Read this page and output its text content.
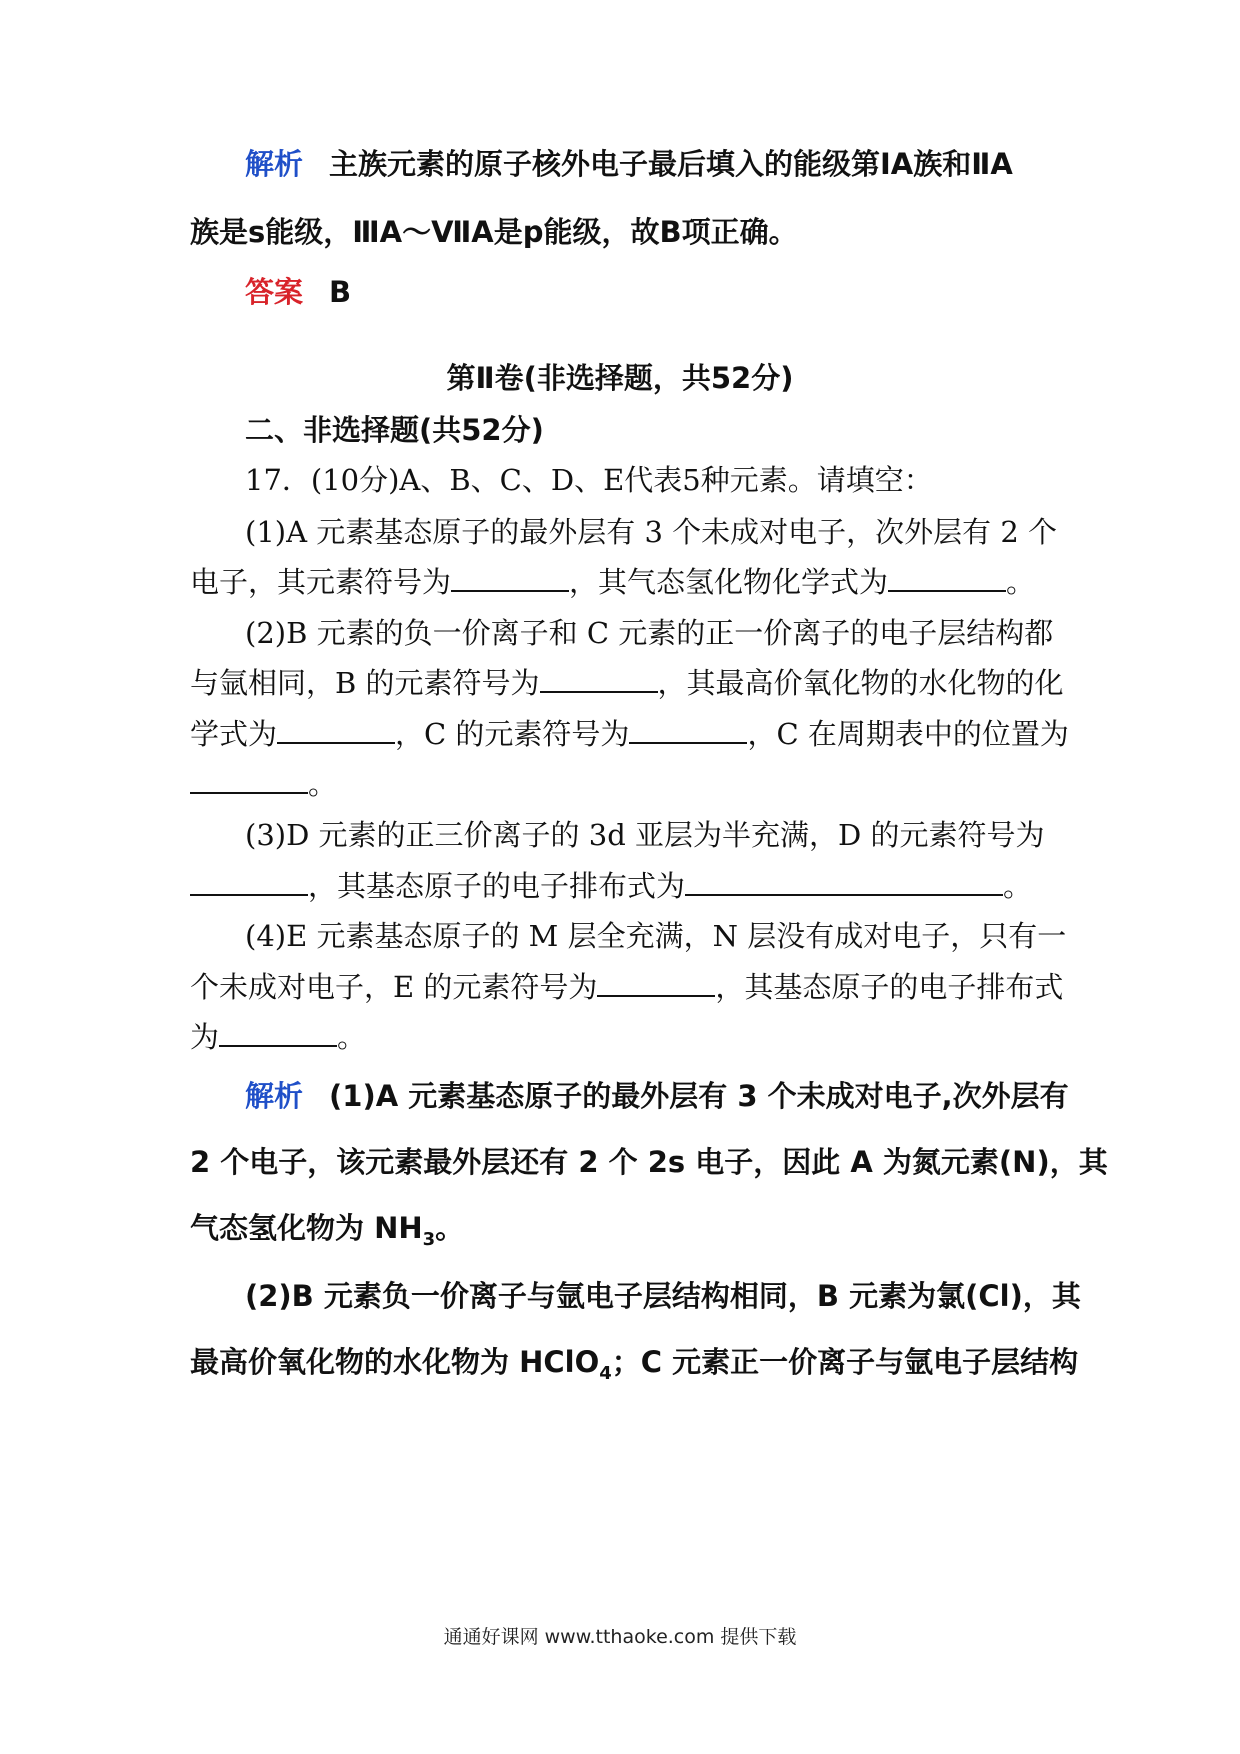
解析 主族元素的原子核外电子最后填入的能级第ⅠA族和ⅡA
族是s能级，ⅢA～ⅦA是p能级，故B项正确。
答案 B
第Ⅱ卷(非选择题，共52分)
二、非选择题(共52分)
17．(10分)A、B、C、D、E代表5种元素。请填空：
(1)A 元素基态原子的最外层有 3 个未成对电子，次外层有 2 个
电子，其元素符号为	，其气态氢化物化学式为	。
(2)B 元素的负一价离子和 C 元素的正一价离子的电子层结构都
与氩相同，B 的元素符号为	，其最高价氧化物的水化物的化
学式为	，C 的元素符号为	，C 在周期表中的位置为
。
(3)D 元素的正三价离子的 3d 亚层为半充满，D 的元素符号为
，其基态原子的电子排布式为	。
(4)E 元素基态原子的 M 层全充满，N 层没有成对电子，只有一
个未成对电子，E 的元素符号为	，其基态原子的电子排布式
为	。
解析 (1)A 元素基态原子的最外层有 3 个未成对电子,次外层有
2 个电子，该元素最外层还有 2 个 2s 电子，因此 A 为氮元素(N)，其
气态氢化物为 $NH_3$。
(2)B 元素负一价离子与氩电子层结构相同，B 元素为氯(Cl)，其
最高价氧化物的水化物为 HClO$_4$；C 元素正一价离子与氩电子层结构
通通好课网 www.tthaoke.com 提供下载
